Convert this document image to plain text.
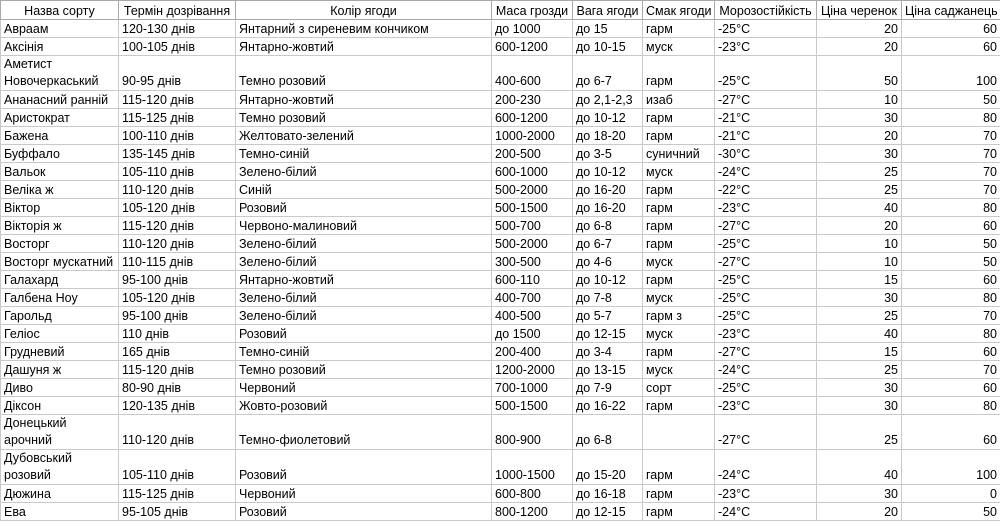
Назва сорту	Термін дозрівання	Колір ягоди	Маса грозди	Вага ягоди	Смак ягоди	Морозостійкість	Ціна черенок	Ціна саджанець
Авраам	120-130 днів	Янтарний з сиреневим кончиком	до 1000	до 15	гарм	-25°C	20	60
Аксінія	100-105 днів	Янтарно-жовтий	600-1200	до 10-15	муск	-23°C	20	60

Аметист
Новочеркаський	90-95 днів	Темно розовий	400-600	до 6-7	гарм	-25°C	50	100
Ананасний ранній	115-120 днів	Янтарно-жовтий	200-230	до 2,1-2,3	изаб	-27°C	10	50
Аристократ	115-125 днів	Темно розовий	600-1200	до 10-12	гарм	-21°C	30	80
Бажена	100-110 днів	Желтовато-зелений	1000-2000	до 18-20	гарм	-21°C	20	70
Буффало	135-145 днів	Темно-синій	200-500	до 3-5	суничний	-30°C	30	70
Вальок	105-110 днів	Зелено-білий	600-1000	до 10-12	муск	-24°C	25	70
Веліка ж	110-120 днів	Синій	500-2000	до 16-20	гарм	-22°C	25	70
Віктор	105-120 днів	Розовий	500-1500	до 16-20	гарм	-23°C	40	80
Вікторія ж	115-120 днів	Червоно-малиновий	500-700	до 6-8	гарм	-27°C	20	60
Восторг	110-120 днів	Зелено-білий	500-2000	до 6-7	гарм	-25°C	10	50
Восторг мускатний	110-115 днів	Зелено-білий	300-500	до 4-6	муск	-27°C	10	50
Галахард	95-100 днів	Янтарно-жовтий	600-110	до 10-12	гарм	-25°C	15	60
Галбена Ноу	105-120 днів	Зелено-білий	400-700	до 7-8	муск	-25°C	30	80
Гарольд	95-100 днів	Зелено-білий	400-500	до 5-7	гарм з	-25°C	25	70
Геліос	110 днів	Розовий	до 1500	до 12-15	муск	-23°C	40	80
Грудневий	165 днів	Темно-синій	200-400	до 3-4	гарм	-27°C	15	60
Дашуня ж	115-120 днів	Темно розовий	1200-2000	до 13-15	муск	-24°C	25	70
Диво	80-90 днів	Червоний	700-1000	до 7-9	сорт	-25°C	30	60
Діксон	120-135 днів	Жовто-розовий	500-1500	до 16-22	гарм	-23°C	30	80

Донецький
арочний	110-120 днів	Темно-фиолетовий	800-900	до 6-8		-27°C	25	60

Дубовський
розовий	105-110 днів	Розовий	1000-1500	до 15-20	гарм	-24°C	40	100
Дюжина	115-125 днів	Червоний	600-800	до 16-18	гарм	-23°C	30	0
Ева	95-105 днів	Розовий	800-1200	до 12-15	гарм	-24°C	20	50
